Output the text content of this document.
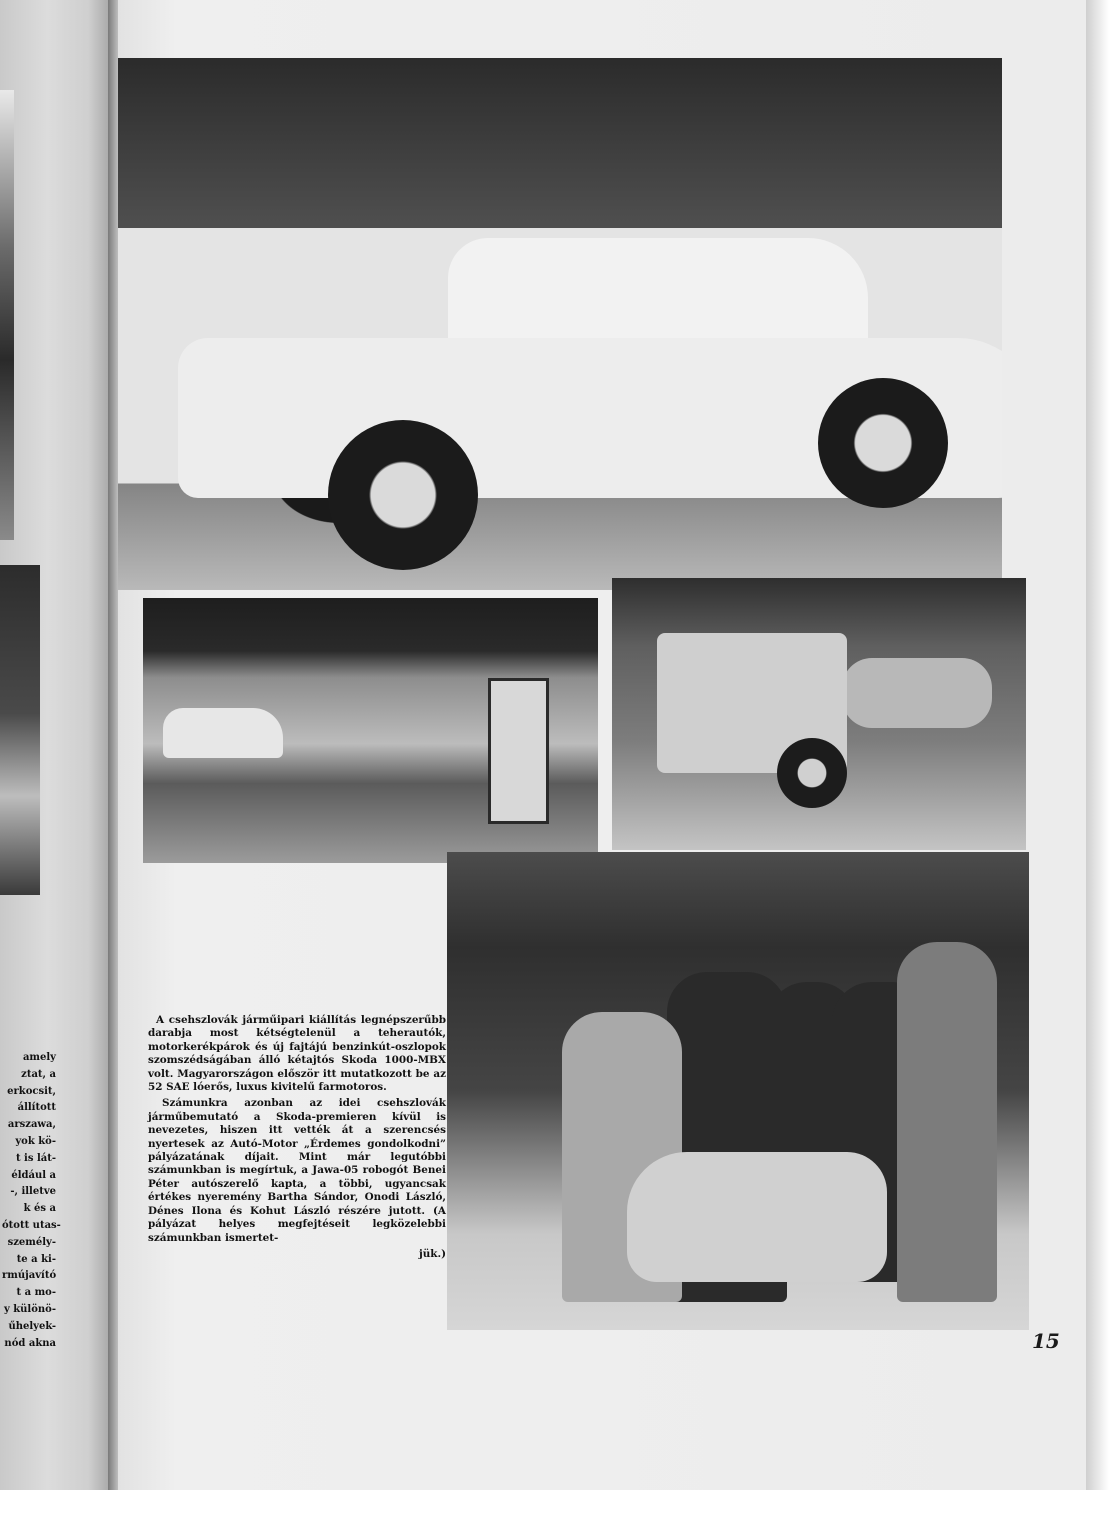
amely
ztat, a
erkocsit,
állított
arszawa,
yok kö-
t is lát-
éldául a
-, illetve
k és a
ótott utas-
személy-
te a ki-
rmújavító
t a mo-
y különö-
űhelyek-
nód akna

A csehszlovák járműipari kiállítás legnépszerűbb darabja most kétségtelenül a teherautók, motorkerékpárok és új fajtájú benzinkút-oszlopok szomszédságában álló kétajtós Skoda 1000-MBX volt. Magyarországon először itt mutatkozott be az 52 SAE lóerős, luxus kivitelű farmotoros.

Számunkra azonban az idei csehszlovák járműbemutató a Skoda-premieren kívül is nevezetes, hiszen itt vették át a szerencsés nyertesek az Autó-Motor „Érdemes gondolkodni” pályázatának díjait. Mint már legutóbbi számunkban is megírtuk, a Jawa-05 robogót Benei Péter autószerelő kapta, a többi, ugyancsak értékes nyeremény Bartha Sándor, Onodi László, Dénes Ilona és Kohut László részére jutott. (A pályázat helyes megfejtéseit legközelebbi számunkban ismertet-

jük.)
15
